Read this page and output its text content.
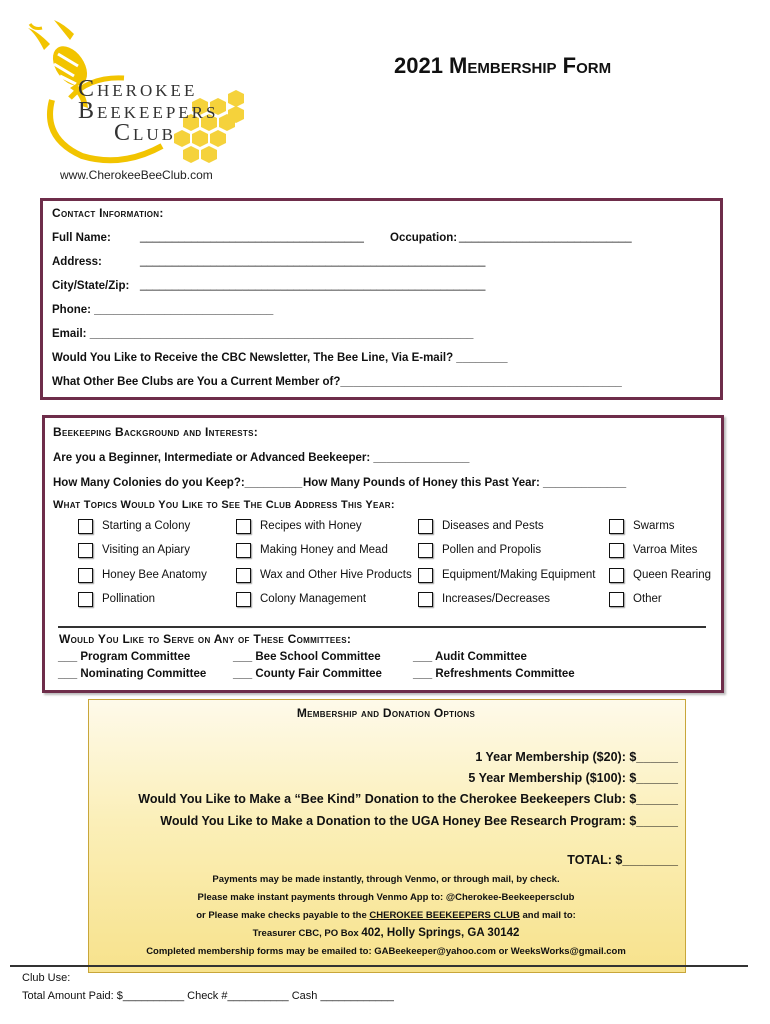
Cherokee
Beekeepers
Club
www.CherokeeBeeClub.com
2021 Membership Form
Contact Information:
Full Name:	___________________________________ Occupation: ___________________________
Address:	______________________________________________________
City/State/Zip: ______________________________________________________
Phone: ____________________________
Email: ____________________________________________________________
Would You Like to Receive the CBC Newsletter, The Bee Line, Via E-mail? ________
What Other Bee Clubs are You a Current Member of?____________________________________________
Beekeeping Background and Interests:
Are you a Beginner, Intermediate or Advanced Beekeeper: _______________
How Many Colonies do you Keep?:_________ How Many Pounds of Honey this Past Year: _____________
What Topics Would You Like to See The Club Address This Year:
Starting a Colony	Recipes with Honey	Diseases and Pests	Swarms
Visiting an Apiary	Making Honey and Mead	Pollen and Propolis	Varroa Mites
Honey Bee Anatomy	Wax and Other Hive Products	Equipment/Making Equipment	Queen Rearing
Pollination	Colony Management	Increases/Decreases	Other
Would You Like to Serve on Any of These Committees:
___ Program Committee	___ Bee School Committee	___ Audit Committee
___ Nominating Committee ___ County Fair Committee	___ Refreshments Committee
Membership and Donation Options
1 Year Membership ($20): $______
5 Year Membership ($100): $______
Would You Like to Make a “Bee Kind” Donation to the Cherokee Beekeepers Club: $______
Would You Like to Make a Donation to the UGA Honey Bee Research Program: $______
TOTAL: $________
Payments may be made instantly, through Venmo, or through mail, by check.
Please make instant payments through Venmo App to: @Cherokee-Beekeepersclub
or Please make checks payable to the CHEROKEE BEEKEEPERS CLUB and mail to:
Treasurer CBC, PO Box 402, Holly Springs, GA 30142
Completed membership forms may be emailed to: GABeekeeper@yahoo.com or WeeksWorks@gmail.com
Club Use:
Total Amount Paid: $__________ Check #__________ Cash ____________
